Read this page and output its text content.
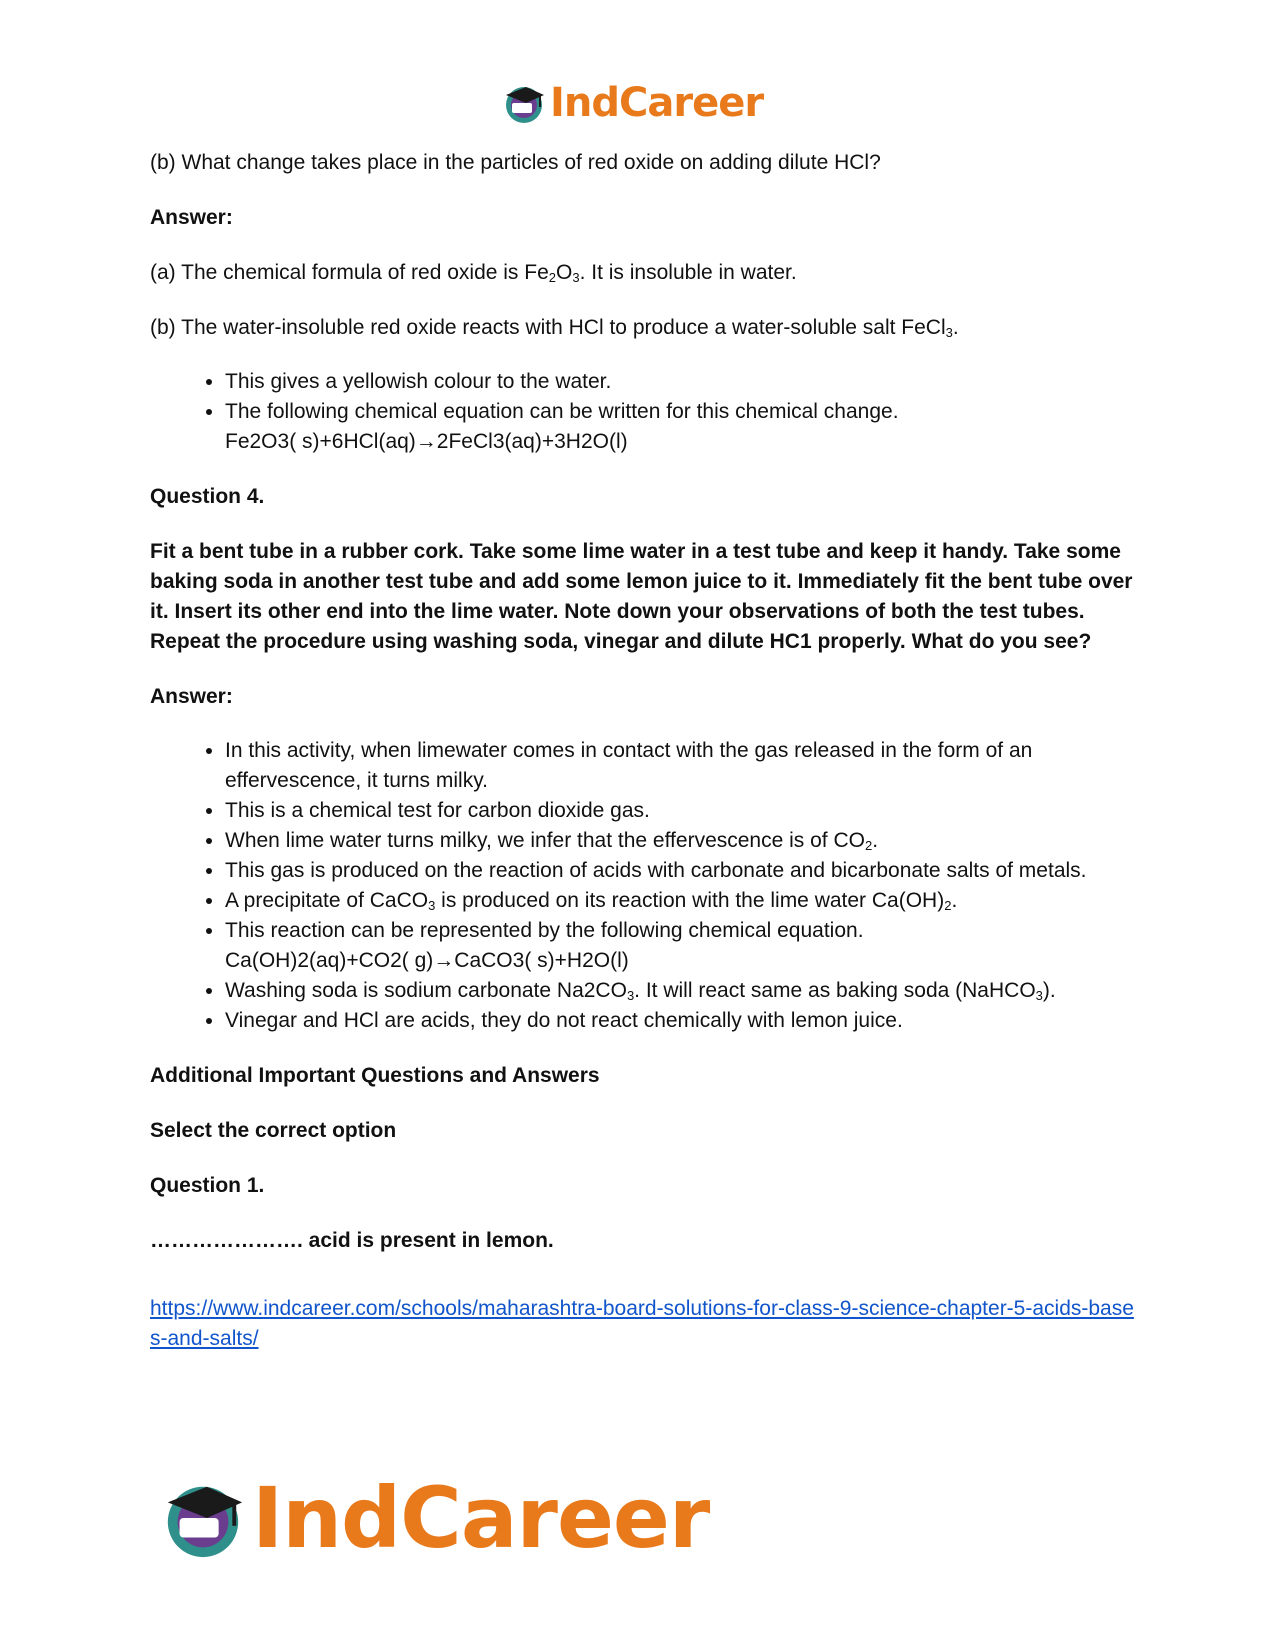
IndCareer

(b) What change takes place in the particles of red oxide on adding dilute HCl?

Answer:

(a) The chemical formula of red oxide is $Fe_2O_3$. It is insoluble in water.

(b) The water-insoluble red oxide reacts with HCl to produce a water-soluble salt FeCl$_3$.

• This gives a yellowish colour to the water.
• The following chemical equation can be written for this chemical change.
Fe2O3( s)+6HCl(aq)→2FeCl3(aq)+3H2O(l)

Question 4.

Fit a bent tube in a rubber cork. Take some lime water in a test tube and keep it handy. Take some baking soda in another test tube and add some lemon juice to it. Immediately fit the bent tube over it. Insert its other end into the lime water. Note down your observations of both the test tubes. Repeat the procedure using washing soda, vinegar and dilute HC1 properly. What do you see?

Answer:

• In this activity, when limewater comes in contact with the gas released in the form of an effervescence, it turns milky.
• This is a chemical test for carbon dioxide gas.
• When lime water turns milky, we infer that the effervescence is of $CO_2$.
• This gas is produced on the reaction of acids with carbonate and bicarbonate salts of metals.
• A precipitate of CaCO$_3$ is produced on its reaction with the lime water $Ca(OH)_2$.
• This reaction can be represented by the following chemical equation.
Ca(OH)2(aq)+CO2( g)→CaCO3( s)+H2O(l)
• Washing soda is sodium carbonate $Na2CO_3$. It will react same as baking soda (NaHCO$_3$).
• Vinegar and HCl are acids, they do not react chemically with lemon juice.

Additional Important Questions and Answers

Select the correct option

Question 1.

…………………. acid is present in lemon.

https://www.indcareer.com/schools/maharashtra-board-solutions-for-class-9-science-chapter-5-acids-bases-and-salts/

IndCareer
